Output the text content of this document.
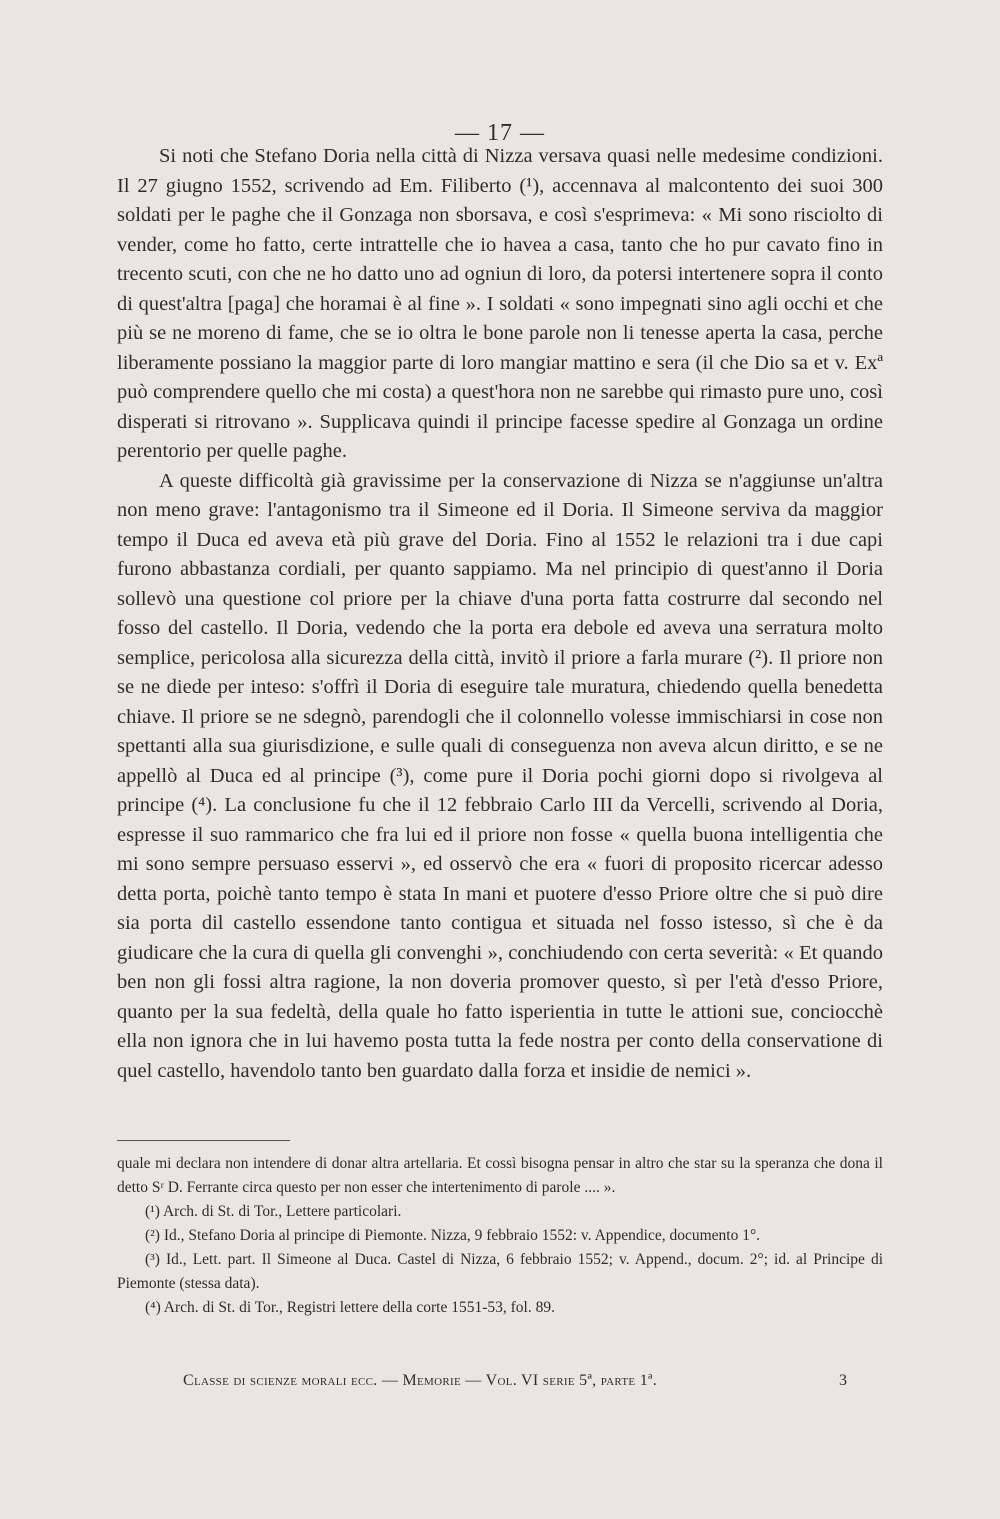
— 17 —

Si noti che Stefano Doria nella città di Nizza versava quasi nelle medesime condizioni. Il 27 giugno 1552, scrivendo ad Em. Filiberto (¹), accennava al malcontento dei suoi 300 soldati per le paghe che il Gonzaga non sborsava, e così s'esprimeva: « Mi sono risciolto di vender, come ho fatto, certe intrattelle che io havea a casa, tanto che ho pur cavato fino in trecento scuti, con che ne ho datto uno ad ogniun di loro, da potersi intertenere sopra il conto di quest'altra [paga] che horamai è al fine ». I soldati « sono impegnati sino agli occhi et che più se ne moreno di fame, che se io oltra le bone parole non li tenesse aperta la casa, perche liberamente possiano la maggior parte di loro mangiar mattino e sera (il che Dio sa et v. Exª può comprendere quello che mi costa) a quest'hora non ne sarebbe qui rimasto pure uno, così disperati si ritrovano ». Supplicava quindi il principe facesse spedire al Gonzaga un ordine perentorio per quelle paghe.

A queste difficoltà già gravissime per la conservazione di Nizza se n'aggiunse un'altra non meno grave: l'antagonismo tra il Simeone ed il Doria. Il Simeone serviva da maggior tempo il Duca ed aveva età più grave del Doria. Fino al 1552 le relazioni tra i due capi furono abbastanza cordiali, per quanto sappiamo. Ma nel principio di quest'anno il Doria sollevò una questione col priore per la chiave d'una porta fatta costrurre dal secondo nel fosso del castello. Il Doria, vedendo che la porta era debole ed aveva una serratura molto semplice, pericolosa alla sicurezza della città, invitò il priore a farla murare (²). Il priore non se ne diede per inteso: s'offrì il Doria di eseguire tale muratura, chiedendo quella benedetta chiave. Il priore se ne sdegnò, parendogli che il colonnello volesse immischiarsi in cose non spettanti alla sua giurisdizione, e sulle quali di conseguenza non aveva alcun diritto, e se ne appellò al Duca ed al principe (³), come pure il Doria pochi giorni dopo si rivolgeva al principe (⁴). La conclusione fu che il 12 febbraio Carlo III da Vercelli, scrivendo al Doria, espresse il suo rammarico che fra lui ed il priore non fosse « quella buona intelligentia che mi sono sempre persuaso esservi », ed osservò che era « fuori di proposito ricercar adesso detta porta, poichè tanto tempo è stata In mani et puotere d'esso Priore oltre che si può dire sia porta dil castello essendone tanto contigua et situada nel fosso istesso, sì che è da giudicare che la cura di quella gli convenghi », conchiudendo con certa severità: « Et quando ben non gli fossi altra ragione, la non doveria promover questo, sì per l'età d'esso Priore, quanto per la sua fedeltà, della quale ho fatto isperientia in tutte le attioni sue, conciocchè ella non ignora che in lui havemo posta tutta la fede nostra per conto della conservatione di quel castello, havendolo tanto ben guardato dalla forza et insidie de nemici ».

quale mi declara non intendere di donar altra artellaria. Et cossì bisogna pensar in altro che star su la speranza che dona il detto Sʳ D. Ferrante circa questo per non esser che intertenimento di parole .... ».

(¹) Arch. di St. di Tor., Lettere particolari.

(²) Id., Stefano Doria al principe di Piemonte. Nizza, 9 febbraio 1552: v. Appendice, documento 1°.

(³) Id., Lett. part. Il Simeone al Duca. Castel di Nizza, 6 febbraio 1552; v. Append., docum. 2°; id. al Principe di Piemonte (stessa data).

(⁴) Arch. di St. di Tor., Registri lettere della corte 1551-53, fol. 89.

Classe di scienze morali ecc. — Memorie — Vol. VI serie 5ª, parte 1ª.	3
